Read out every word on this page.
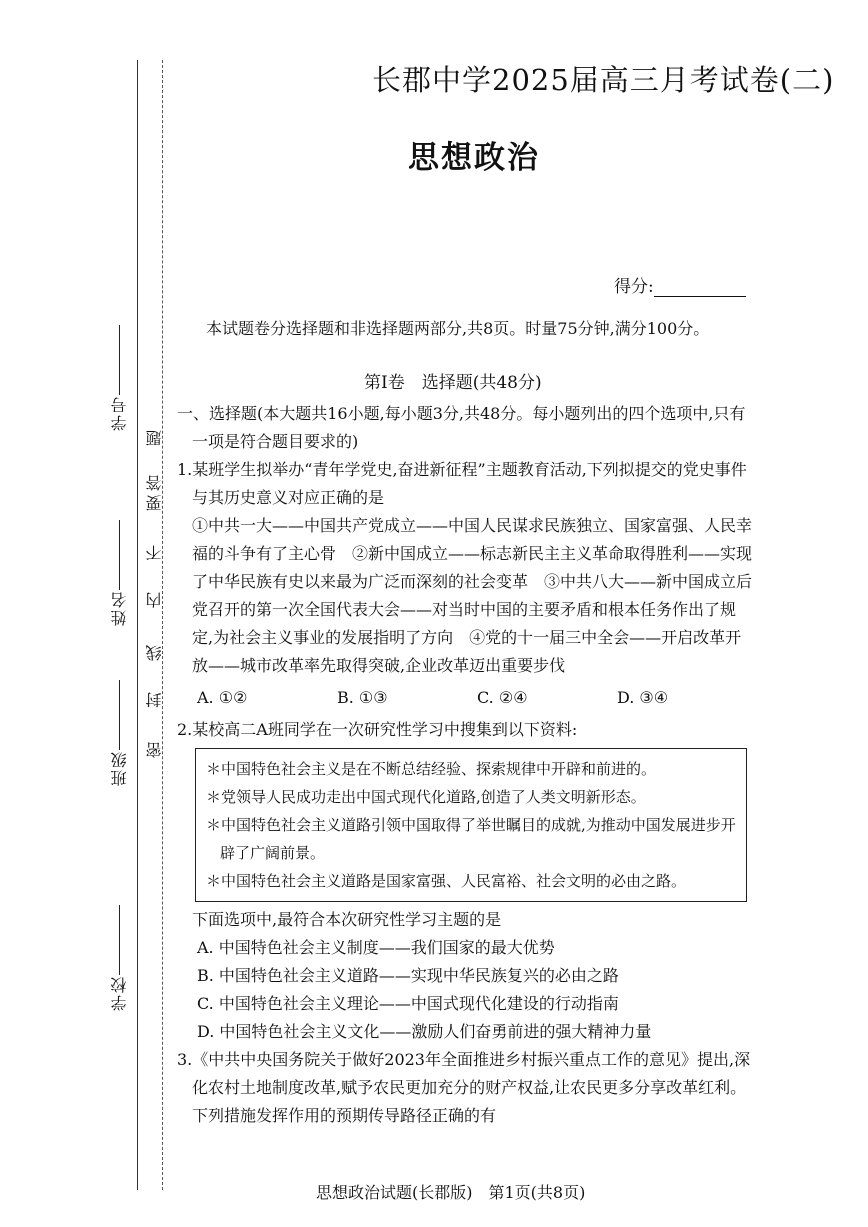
学校
班级
姓名
学号
密
封
线
内
不
要
答
题
长郡中学2025届高三月考试卷(二)
思想政治
得分:
本试题卷分选择题和非选择题两部分,共8页。时量75分钟,满分100分。
第Ⅰ卷　选择题(共48分)

一、选择题(本大题共16小题,每小题3分,共48分。每小题列出的四个选项中,只有一项是符合题目要求的)

1.某班学生拟举办“青年学党史,奋进新征程”主题教育活动,下列拟提交的党史事件与其历史意义对应正确的是

①中共一大——中国共产党成立——中国人民谋求民族独立、国家富强、人民幸福的斗争有了主心骨　②新中国成立——标志新民主主义革命取得胜利——实现了中华民族有史以来最为广泛而深刻的社会变革　③中共八大——新中国成立后党召开的第一次全国代表大会——对当时中国的主要矛盾和根本任务作出了规定,为社会主义事业的发展指明了方向　④党的十一届三中全会——开启改革开放——城市改革率先取得突破,企业改革迈出重要步伐

A. ①②	B. ①③	C. ②④	D. ③④

2.某校高二A班同学在一次研究性学习中搜集到以下资料:

＊中国特色社会主义是在不断总结经验、探索规律中开辟和前进的。
＊党领导人民成功走出中国式现代化道路,创造了人类文明新形态。
＊中国特色社会主义道路引领中国取得了举世瞩目的成就,为推动中国发展进步开辟了广阔前景。
＊中国特色社会主义道路是国家富强、人民富裕、社会文明的必由之路。

下面选项中,最符合本次研究性学习主题的是

A. 中国特色社会主义制度——我们国家的最大优势
B. 中国特色社会主义道路——实现中华民族复兴的必由之路
C. 中国特色社会主义理论——中国式现代化建设的行动指南
D. 中国特色社会主义文化——激励人们奋勇前进的强大精神力量

3.《中共中央国务院关于做好2023年全面推进乡村振兴重点工作的意见》提出,深化农村土地制度改革,赋予农民更加充分的财产权益,让农民更多分享改革红利。下列措施发挥作用的预期传导路径正确的有

思想政治试题(长郡版)　第1页(共8页)
